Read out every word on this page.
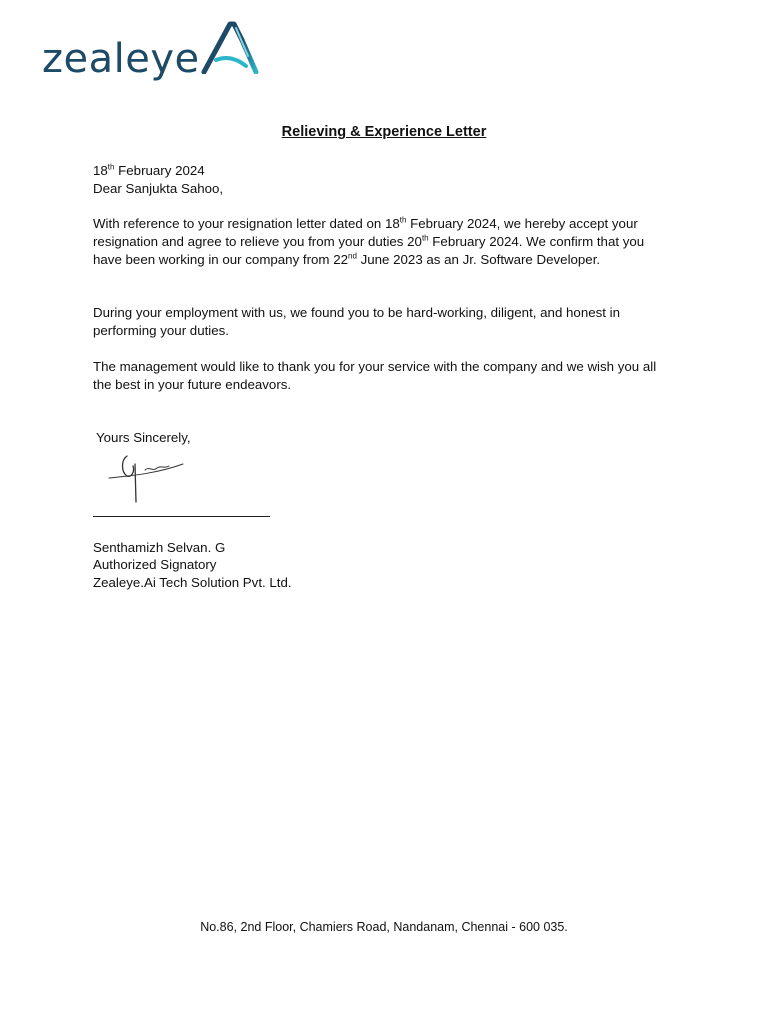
zealeye
Relieving & Experience Letter
18th February 2024
Dear Sanjukta Sahoo,
With reference to your resignation letter dated on 18th February 2024, we hereby accept your resignation and agree to relieve you from your duties 20th February 2024. We confirm that you have been working in our company from 22nd June 2023 as an Jr. Software Developer.
During your employment with us, we found you to be hard-working, diligent, and honest in performing your duties.
The management would like to thank you for your service with the company and we wish you all the best in your future endeavors.
Yours Sincerely,
Senthamizh Selvan. G
Authorized Signatory
Zealeye.Ai Tech Solution Pvt. Ltd.
No.86, 2nd Floor, Chamiers Road, Nandanam, Chennai - 600 035.
